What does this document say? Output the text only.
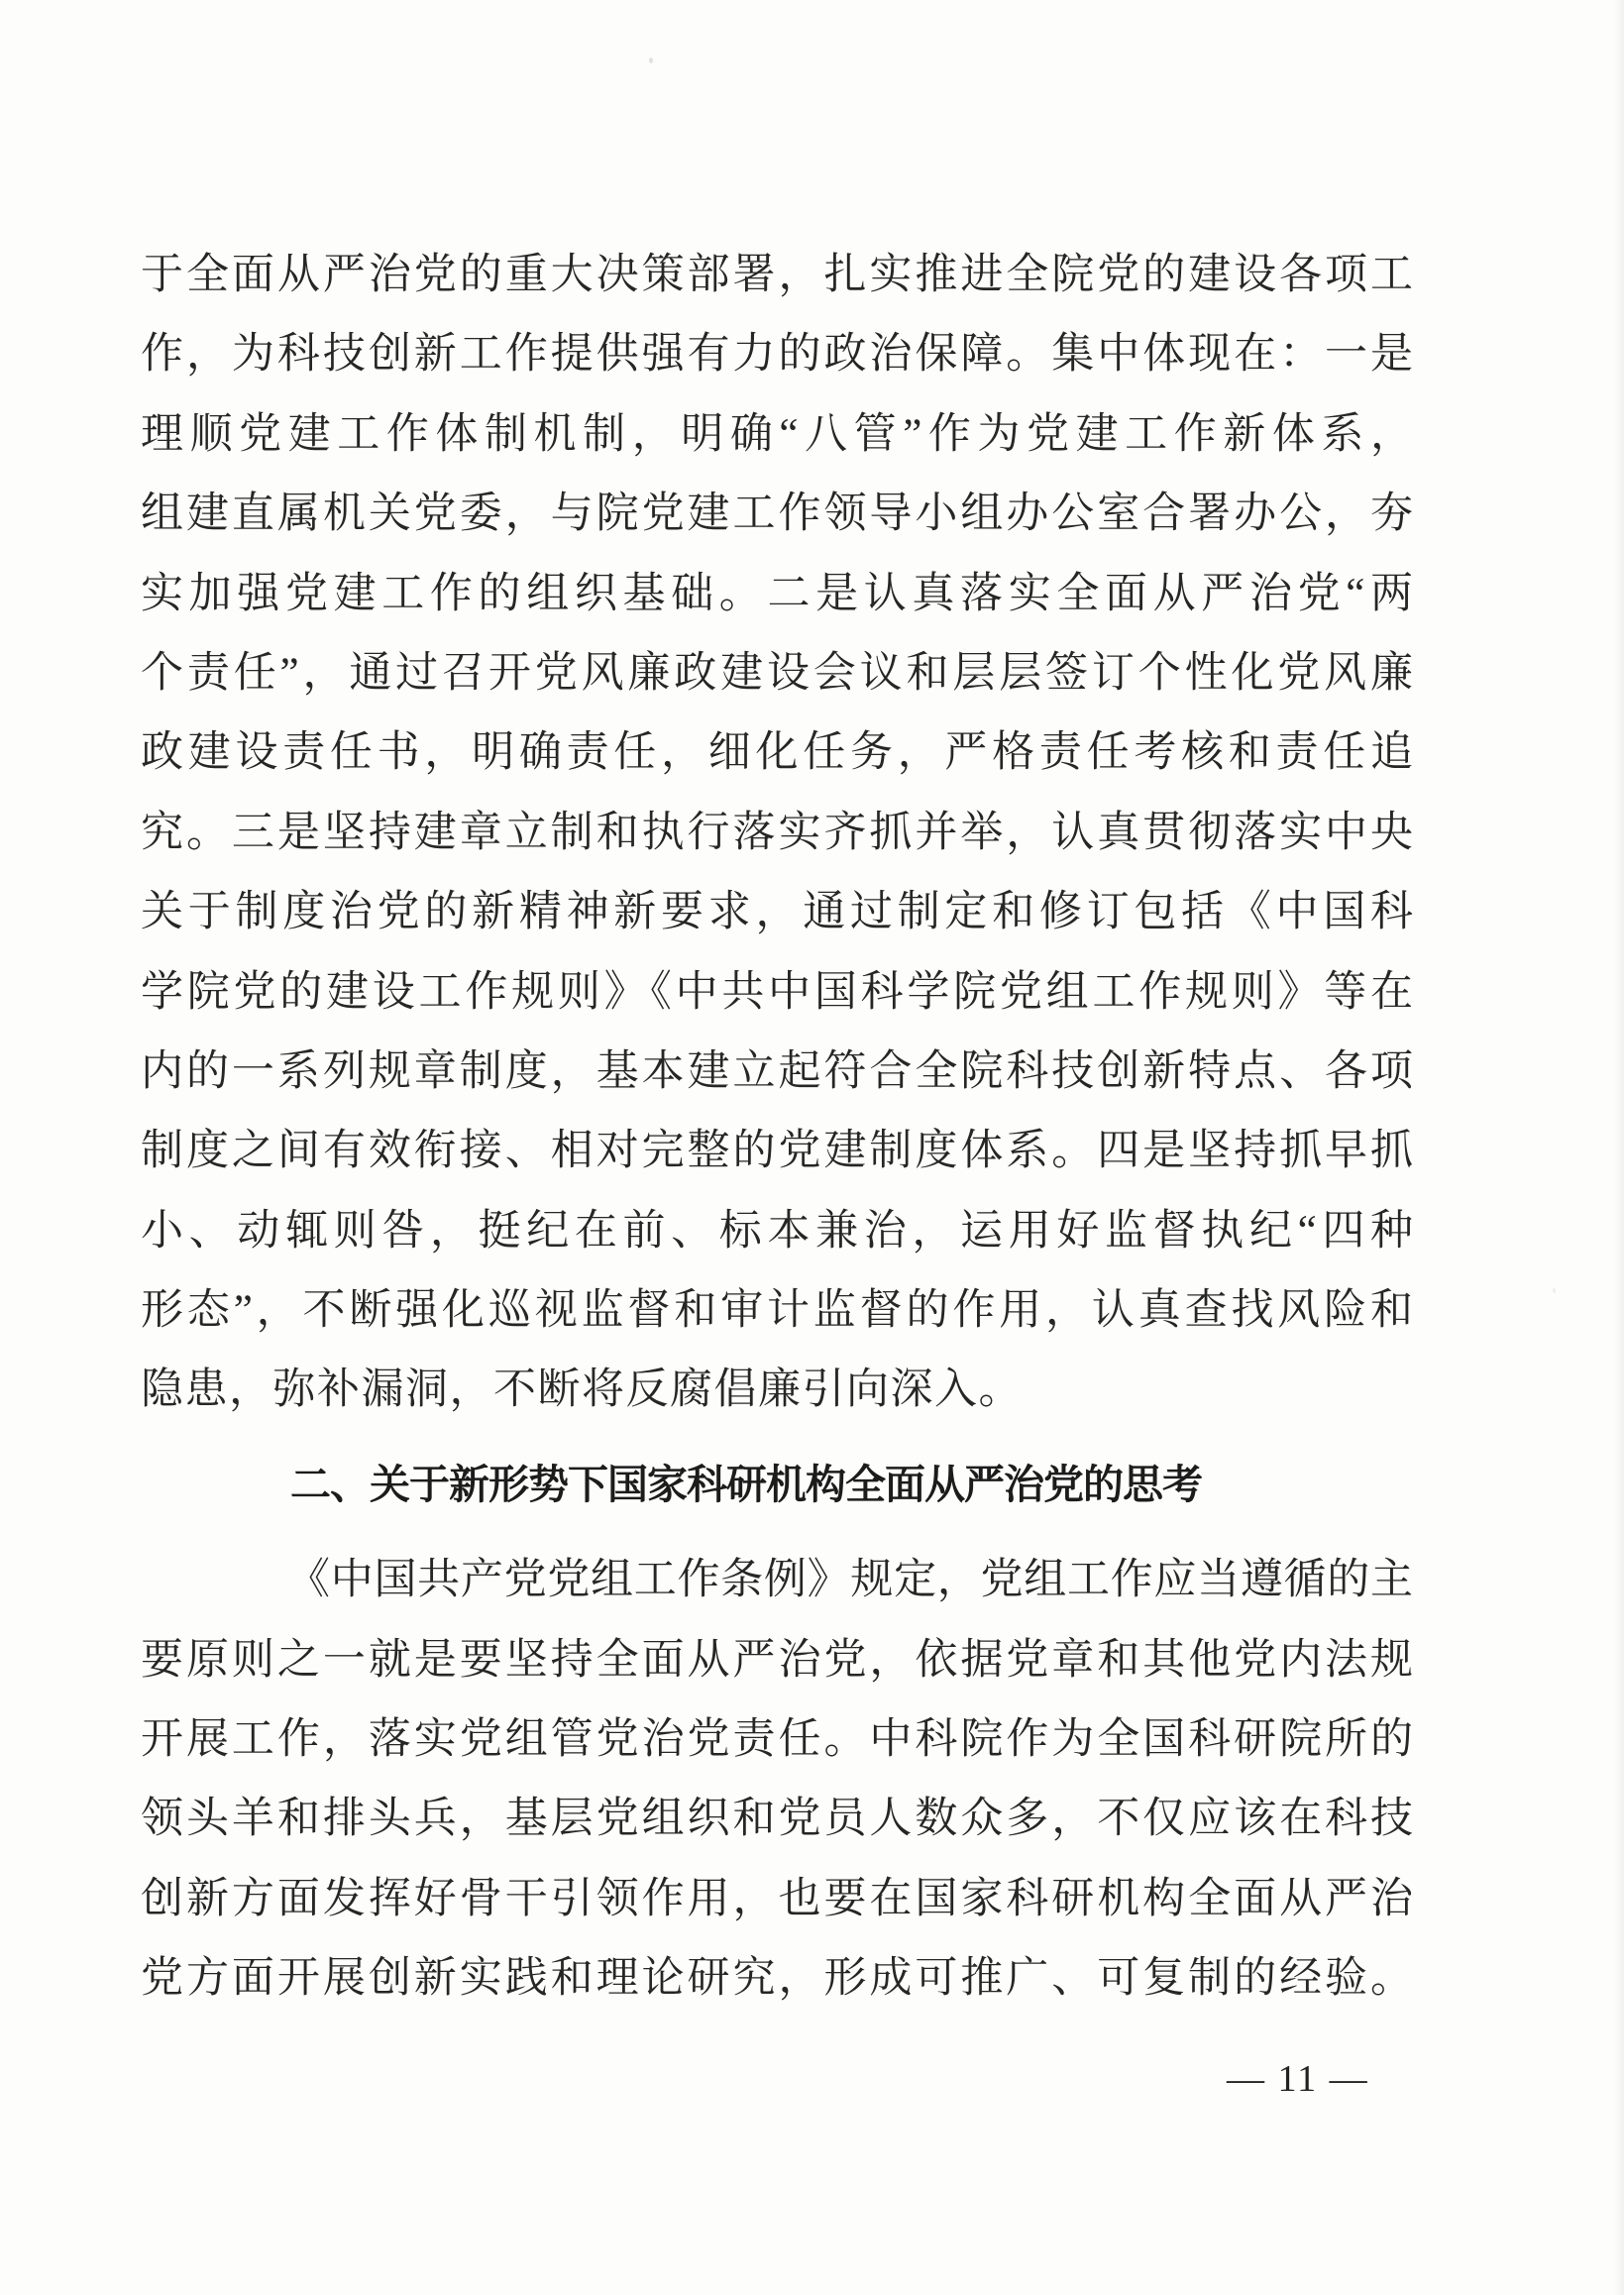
于全面从严治党的重大决策部署，扎实推进全院党的建设各项工
作，为科技创新工作提供强有力的政治保障。集中体现在：一是
理顺党建工作体制机制，明确“八管”作为党建工作新体系，
组建直属机关党委，与院党建工作领导小组办公室合署办公，夯
实加强党建工作的组织基础。二是认真落实全面从严治党“两
个责任”，通过召开党风廉政建设会议和层层签订个性化党风廉
政建设责任书，明确责任，细化任务，严格责任考核和责任追
究。三是坚持建章立制和执行落实齐抓并举，认真贯彻落实中央
关于制度治党的新精神新要求，通过制定和修订包括《中国科
学院党的建设工作规则》《中共中国科学院党组工作规则》等在
内的一系列规章制度，基本建立起符合全院科技创新特点、各项
制度之间有效衔接、相对完整的党建制度体系。四是坚持抓早抓
小、动辄则咎，挺纪在前、标本兼治，运用好监督执纪“四种
形态”，不断强化巡视监督和审计监督的作用，认真查找风险和
隐患，弥补漏洞，不断将反腐倡廉引向深入。
二、关于新形势下国家科研机构全面从严治党的思考
《中国共产党党组工作条例》规定，党组工作应当遵循的主
要原则之一就是要坚持全面从严治党，依据党章和其他党内法规
开展工作，落实党组管党治党责任。中科院作为全国科研院所的
领头羊和排头兵，基层党组织和党员人数众多，不仅应该在科技
创新方面发挥好骨干引领作用，也要在国家科研机构全面从严治
党方面开展创新实践和理论研究，形成可推广、可复制的经验。
— 11 —
